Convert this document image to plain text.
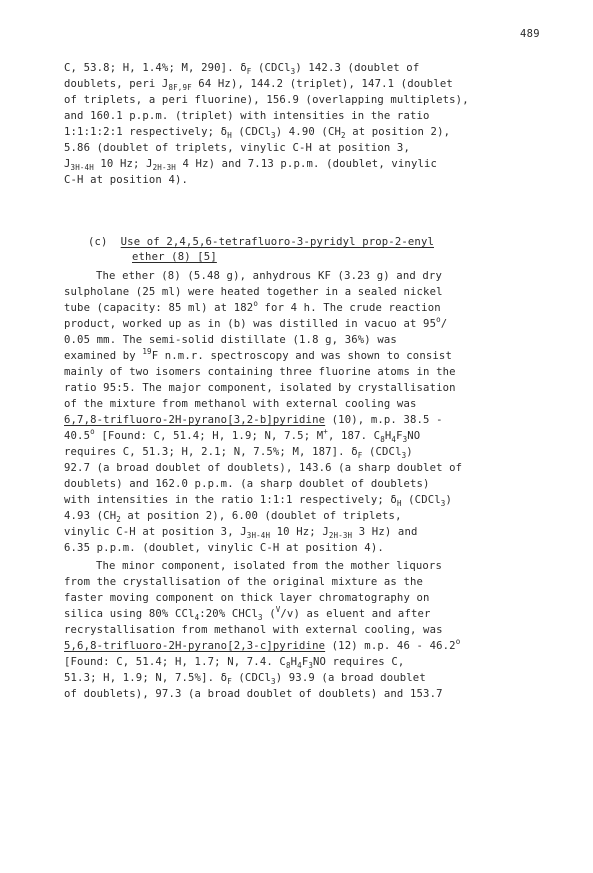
489
C, 53.8; H, 1.4%; M, 290]. $\delta_F$ (CDCl$_3$) 142.3 (doublet of
doublets, peri $J_{8F,9F}$ 64 Hz), 144.2 (triplet), 147.1 (doublet
of triplets, a peri fluorine), 156.9 (overlapping multiplets),
and 160.1 p.p.m. (triplet) with intensities in the ratio
1:1:1:2:1 respectively; $\delta_H$ (CDCl$_3$) 4.90 ($CH_2$ at position 2),
5.86 (doublet of triplets, vinylic C-H at position 3,
$J_{3H-4H}$ 10 Hz; $J_{2H-3H}$ 4 Hz) and 7.13 p.p.m. (doublet, vinylic
C-H at position 4).
(c) Use of 2,4,5,6-tetrafluoro-3-pyridyl prop-2-enyl
ether (8) [5]
The ether (8) (5.48 g), anhydrous KF (3.23 g) and dry
sulpholane (25 ml) were heated together in a sealed nickel
tube (capacity: 85 ml) at 182$^o$ for 4 h. The crude reaction
product, worked up as in (b) was distilled in vacuo at 95$^o$/
0.05 mm. The semi-solid distillate (1.8 g, 36%) was
examined by $^{19}$F n.m.r. spectroscopy and was shown to consist
mainly of two isomers containing three fluorine atoms in the
ratio 95:5. The major component, isolated by crystallisation
of the mixture from methanol with external cooling was
6,7,8-trifluoro-2H-pyrano[3,2-b]pyridine (10), m.p. 38.5 -
40.5$^o$ [Found: C, 51.4; H, 1.9; N, 7.5; M+, 187. $C_8H_4F_3NO$
requires C, 51.3; H, 2.1; N, 7.5%; M, 187]. $\delta_F$ (CDCl$_3$)
92.7 (a broad doublet of doublets), 143.6 (a sharp doublet of
doublets) and 162.0 p.p.m. (a sharp doublet of doublets)
with intensities in the ratio 1:1:1 respectively; $\delta_H$ (CDCl$_3$)
4.93 ($CH_2$ at position 2), 6.00 (doublet of triplets,
vinylic C-H at position 3, $J_{3H-4H}$ 10 Hz; $J_{2H-3H}$ 3 Hz) and
6.35 p.p.m. (doublet, vinylic C-H at position 4).
The minor component, isolated from the mother liquors
from the crystallisation of the original mixture as the
faster moving component on thick layer chromatography on
silica using 80% CCl$_4$:20% CHCl$_3$ ($^V$/v) as eluent and after
recrystallisation from methanol with external cooling, was
5,6,8-trifluoro-2H-pyrano[2,3-c]pyridine (12) m.p. 46 - 46.2$^o$
[Found: C, 51.4; H, 1.7; N, 7.4. $C_8H_4F_3NO$ requires C,
51.3; H, 1.9; N, 7.5%]. $\delta_F$ (CDCl$_3$) 93.9 (a broad doublet
of doublets), 97.3 (a broad doublet of doublets) and 153.7
